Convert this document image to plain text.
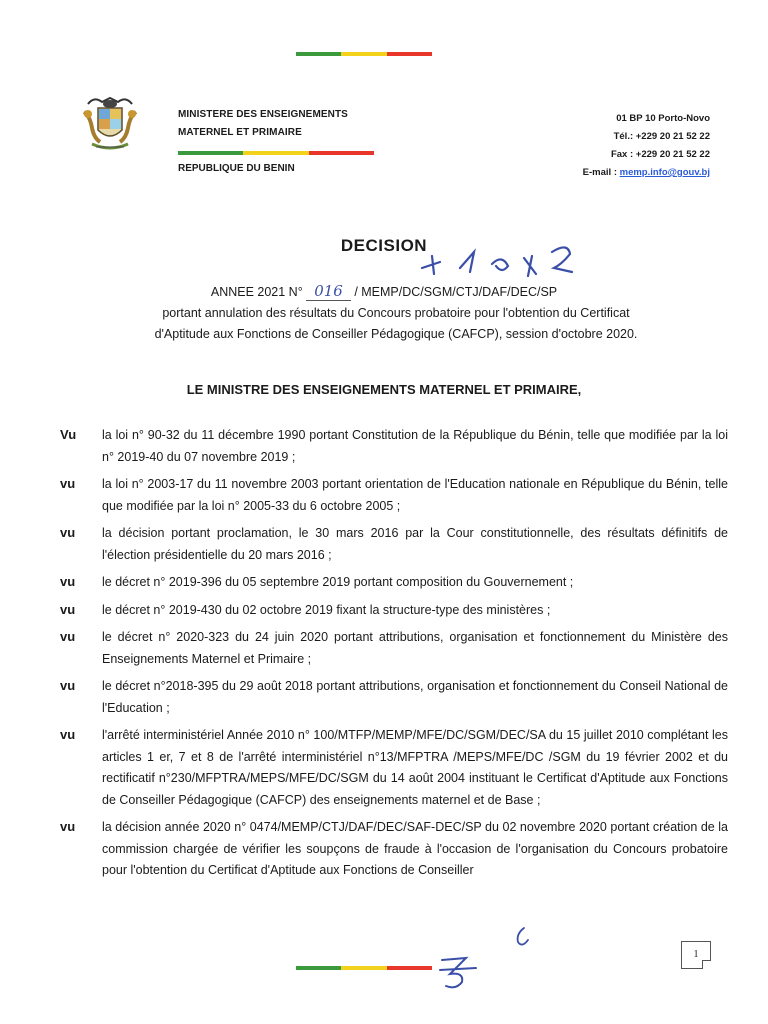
MINISTERE DES ENSEIGNEMENTS
MATERNEL ET PRIMAIRE
REPUBLIQUE DU BENIN
01 BP 10 Porto-Novo
Tél.: +229 20 21 52 22
Fax : +229 20 21 52 22
E-mail : memp.info@gouv.bj
DECISION
ANNEE 2021 N° 016 / MEMP/DC/SGM/CTJ/DAF/DEC/SP
portant annulation des résultats du Concours probatoire pour l'obtention du Certificat
d'Aptitude aux Fonctions de Conseiller Pédagogique (CAFCP), session d'octobre 2020.
LE MINISTRE DES ENSEIGNEMENTS MATERNEL ET PRIMAIRE,
Vu	la loi n° 90-32 du 11 décembre 1990 portant Constitution de la République du Bénin, telle que modifiée par la loi n° 2019-40 du 07 novembre 2019 ;
vu	la loi n° 2003-17 du 11 novembre 2003 portant orientation de l'Education nationale en République du Bénin, telle que modifiée par la loi n° 2005-33 du 6 octobre 2005 ;
vu	la décision portant proclamation, le 30 mars 2016 par la Cour constitutionnelle, des résultats définitifs de l'élection présidentielle du 20 mars 2016 ;
vu	le décret n° 2019-396 du 05 septembre 2019 portant composition du Gouvernement ;
vu	le décret n° 2019-430 du 02 octobre 2019 fixant la structure-type des ministères ;
vu	le décret n° 2020-323 du 24 juin 2020 portant attributions, organisation et fonctionnement du Ministère des Enseignements Maternel et Primaire ;
vu	le décret n°2018-395 du 29 août 2018 portant attributions, organisation et fonctionnement du Conseil National de l'Education ;
vu	l'arrêté interministériel Année 2010 n° 100/MTFP/MEMP/MFE/DC/SGM/DEC/SA du 15 juillet 2010 complétant les articles 1 er, 7 et 8 de l'arrêté interministériel n°13/MFPTRA /MEPS/MFE/DC /SGM du 19 février 2002 et du rectificatif n°230/MFPTRA/MEPS/MFE/DC/SGM du 14 août 2004 instituant le Certificat d'Aptitude aux Fonctions de Conseiller Pédagogique (CAFCP) des enseignements maternel et de Base ;
vu	la décision année 2020 n° 0474/MEMP/CTJ/DAF/DEC/SAF-DEC/SP du 02 novembre 2020 portant création de la commission chargée de vérifier les soupçons de fraude à l'occasion de l'organisation du Concours probatoire pour l'obtention du Certificat d'Aptitude aux Fonctions de Conseiller
1
